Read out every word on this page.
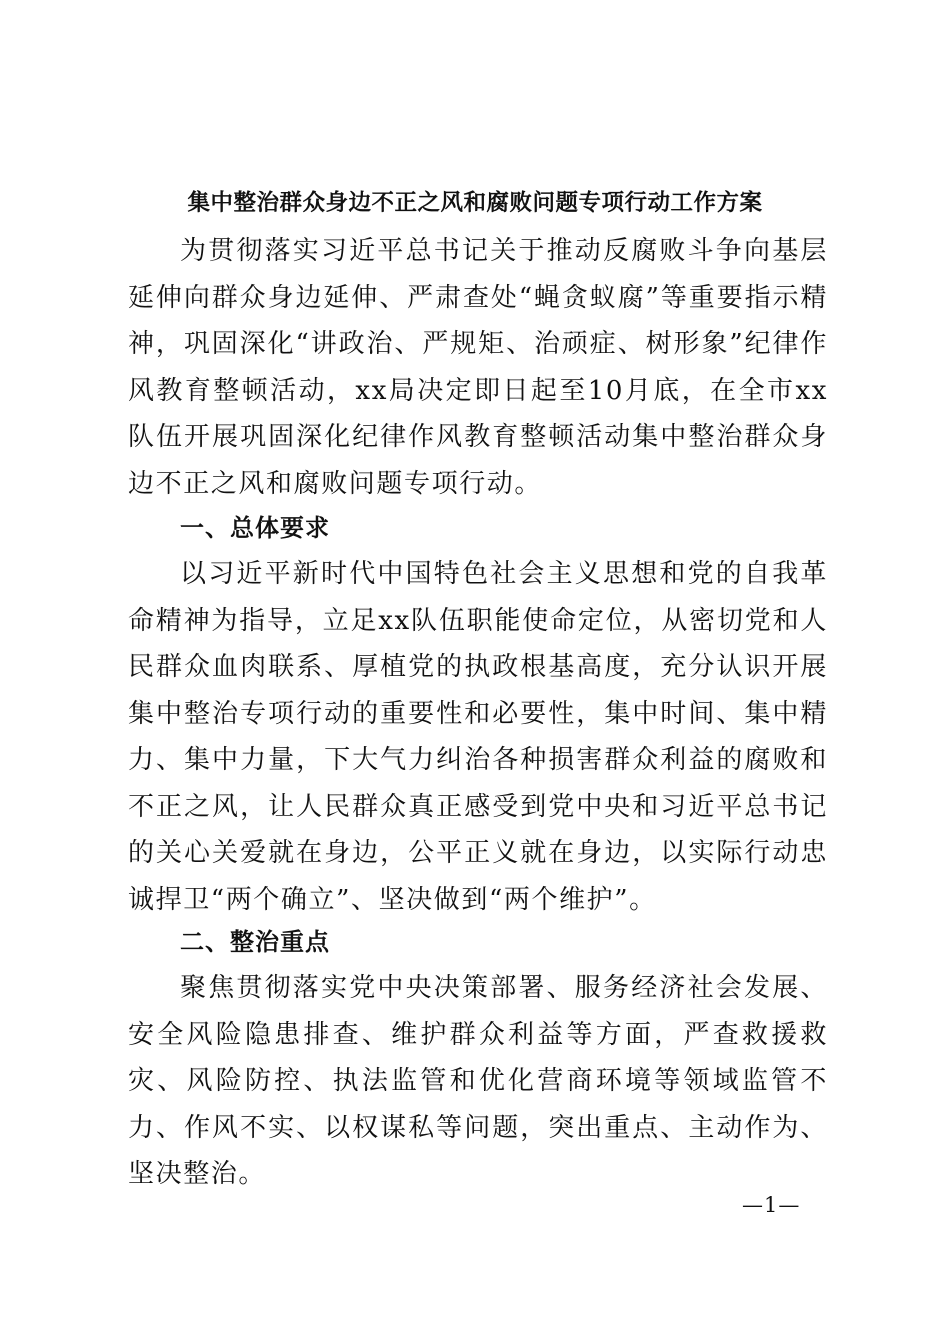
集中整治群众身边不正之风和腐败问题专项行动工作方案

为贯彻落实习近平总书记关于推动反腐败斗争向基层延伸向群众身边延伸、严肃查处“蝇贪蚁腐”等重要指示精神，巩固深化“讲政治、严规矩、治顽症、树形象”纪律作风教育整顿活动，xx局决定即日起至10月底，在全市xx队伍开展巩固深化纪律作风教育整顿活动集中整治群众身边不正之风和腐败问题专项行动。

一、总体要求

以习近平新时代中国特色社会主义思想和党的自我革命精神为指导，立足xx队伍职能使命定位，从密切党和人民群众血肉联系、厚植党的执政根基高度，充分认识开展集中整治专项行动的重要性和必要性，集中时间、集中精力、集中力量，下大气力纠治各种损害群众利益的腐败和不正之风，让人民群众真正感受到党中央和习近平总书记的关心关爱就在身边，公平正义就在身边，以实际行动忠诚捍卫“两个确立”、坚决做到“两个维护”。

二、整治重点

聚焦贯彻落实党中央决策部署、服务经济社会发展、安全风险隐患排查、维护群众利益等方面，严查救援救灾、风险防控、执法监管和优化营商环境等领域监管不力、作风不实、以权谋私等问题，突出重点、主动作为、坚决整治。

—1—
